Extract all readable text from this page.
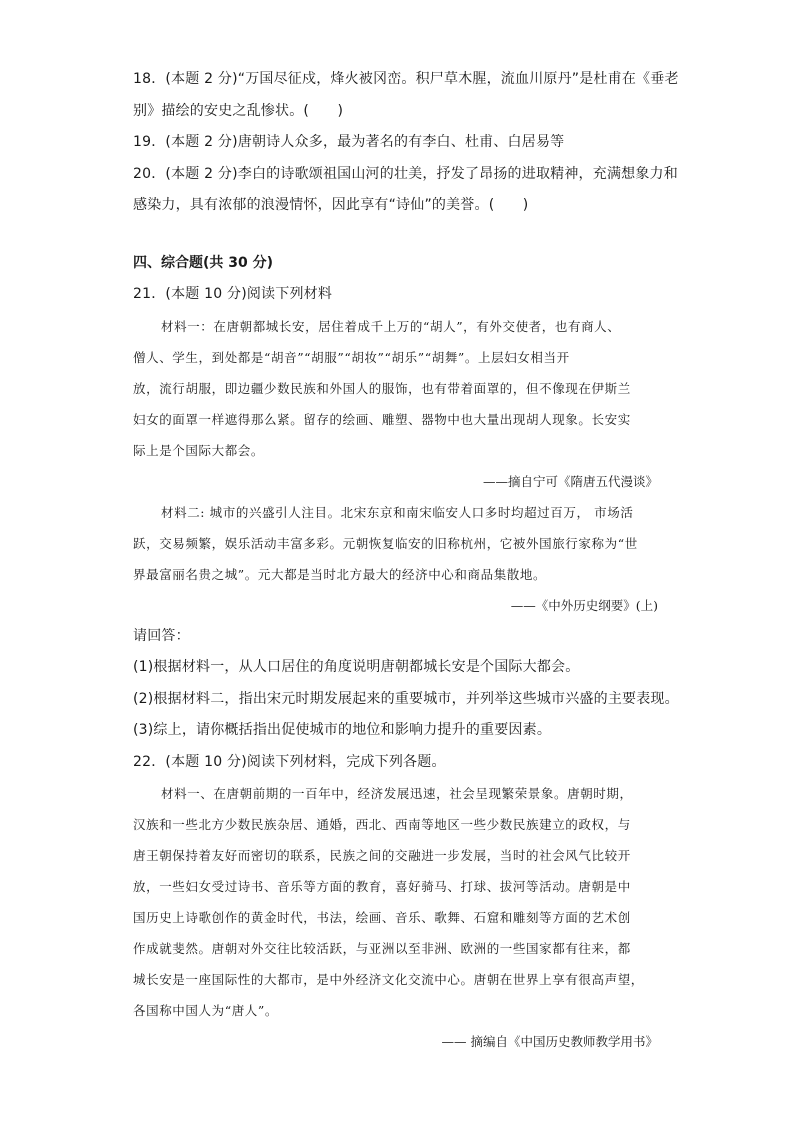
18．(本题 2 分)“万国尽征戍，烽火被冈峦。积尸草木腥，流血川原丹”是杜甫在《垂老
别》描绘的安史之乱惨状。(　　)
19．(本题 2 分)唐朝诗人众多，最为著名的有李白、杜甫、白居易等
20．(本题 2 分)李白的诗歌颂祖国山河的壮美，抒发了昂扬的进取精神，充满想象力和
感染力，具有浓郁的浪漫情怀，因此享有“诗仙”的美誉。(　　)
四、综合题(共 30 分)
21．(本题 10 分)阅读下列材料
材料一：在唐朝都城长安，居住着成千上万的“胡人”，有外交使者，也有商人、
僧人、学生，到处都是“胡音”“胡服”“胡妆”“胡乐”“胡舞”。上层妇女相当开
放，流行胡服，即边疆少数民族和外国人的服饰，也有带着面罩的，但不像现在伊斯兰
妇女的面罩一样遮得那么紧。留存的绘画、雕塑、器物中也大量出现胡人现象。长安实
际上是个国际大都会。
——摘自宁可《隋唐五代漫谈》
材料二: 城市的兴盛引人注目。北宋东京和南宋临安人口多时均超过百万， 市场活
跃，交易频繁，娱乐活动丰富多彩。元朝恢复临安的旧称杭州，它被外国旅行家称为“世
界最富丽名贵之城”。元大都是当时北方最大的经济中心和商品集散地。
——《中外历史纲要》(上)
请回答：
(1)根据材料一，从人口居住的角度说明唐朝都城长安是个国际大都会。
(2)根据材料二，指出宋元时期发展起来的重要城市，并列举这些城市兴盛的主要表现。
(3)综上，请你概括指出促使城市的地位和影响力提升的重要因素。
22．(本题 10 分)阅读下列材料，完成下列各题。
材料一、在唐朝前期的一百年中，经济发展迅速，社会呈现繁荣景象。唐朝时期，
汉族和一些北方少数民族杂居、通婚，西北、西南等地区一些少数民族建立的政权，与
唐王朝保持着友好而密切的联系，民族之间的交融进一步发展，当时的社会风气比较开
放，一些妇女受过诗书、音乐等方面的教育，喜好骑马、打球、拔河等活动。唐朝是中
国历史上诗歌创作的黄金时代，书法，绘画、音乐、歌舞、石窟和雕刻等方面的艺术创
作成就斐然。唐朝对外交往比较活跃，与亚洲以至非洲、欧洲的一些国家都有往来，都
城长安是一座国际性的大都市，是中外经济文化交流中心。唐朝在世界上享有很高声望，
各国称中国人为“唐人”。
—— 摘编自《中国历史教师教学用书》
